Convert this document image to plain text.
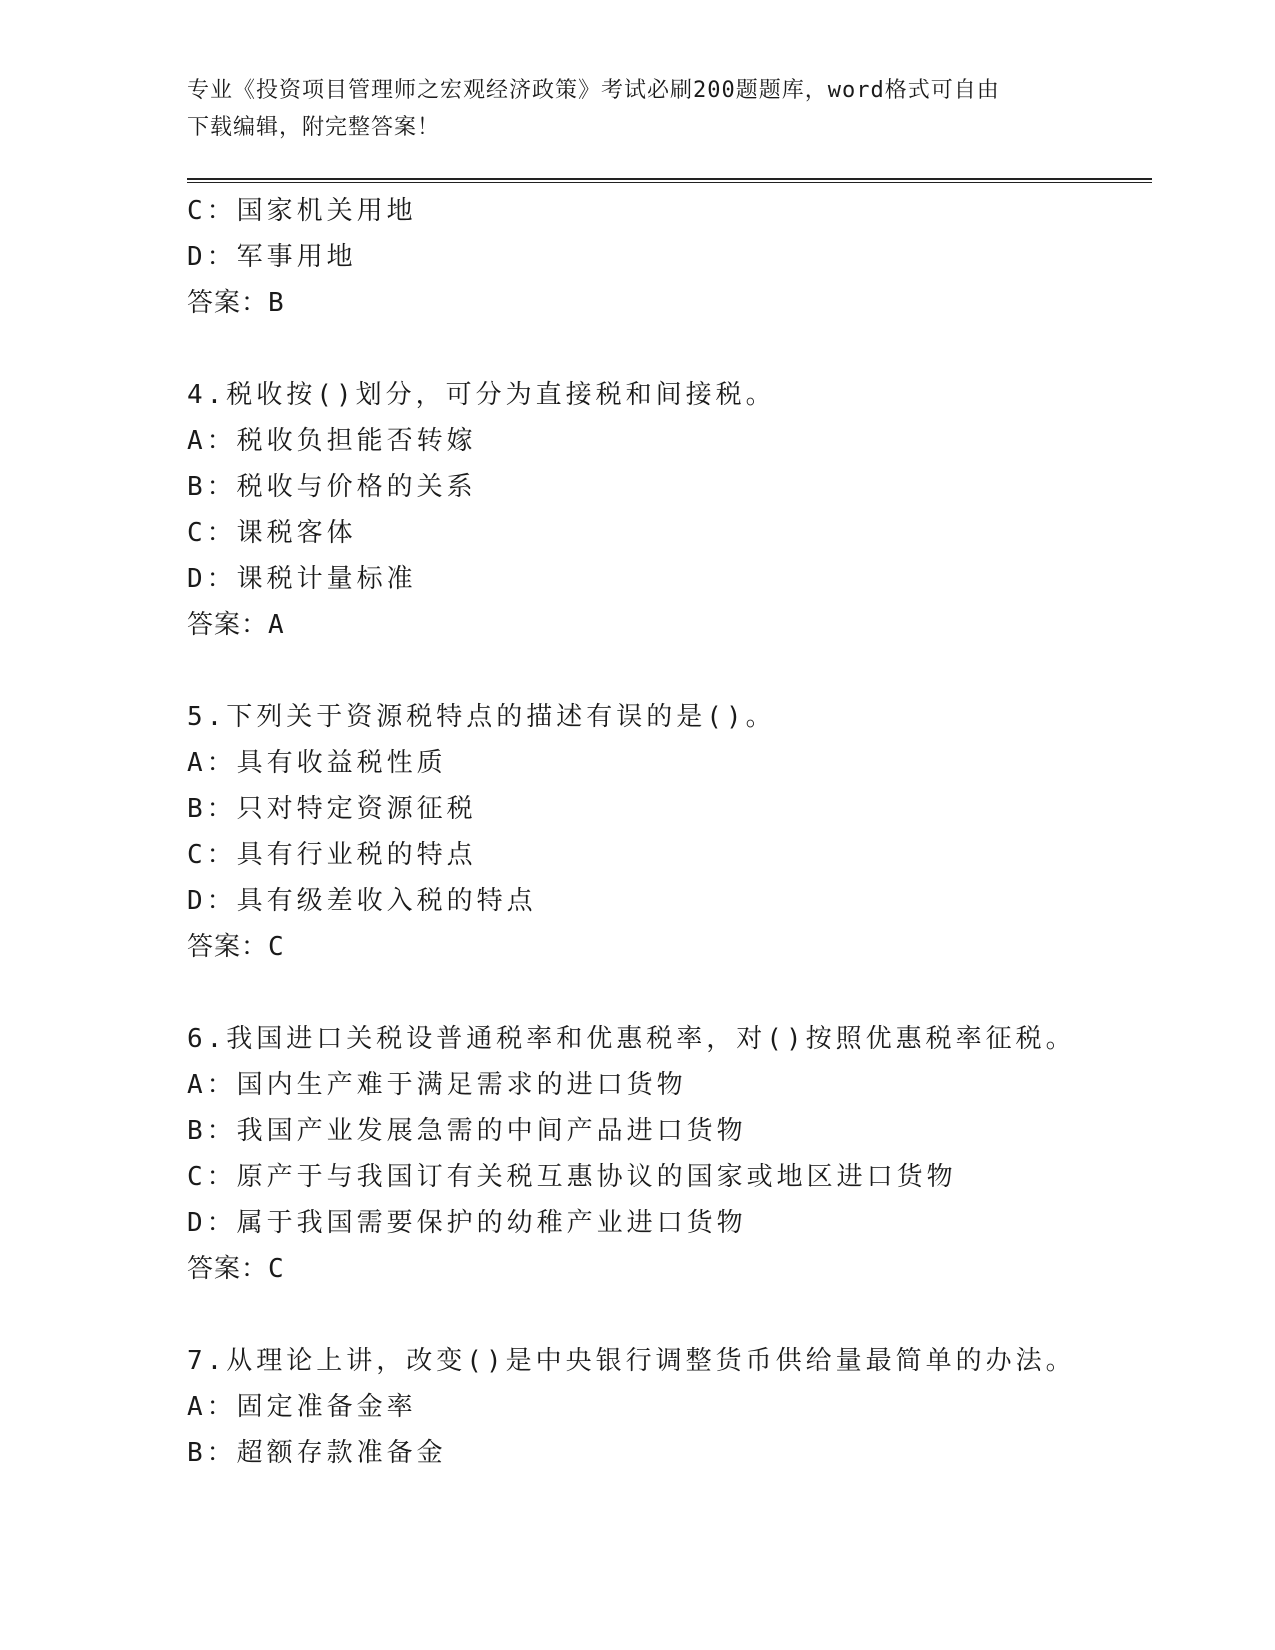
专业《投资项目管理师之宏观经济政策》考试必刷200题题库，word格式可自由
下载编辑，附完整答案！
C：国家机关用地
D：军事用地
答案：B
4.税收按()划分，可分为直接税和间接税。
A：税收负担能否转嫁
B：税收与价格的关系
C：课税客体
D：课税计量标准
答案：A
5.下列关于资源税特点的描述有误的是()。
A：具有收益税性质
B：只对特定资源征税
C：具有行业税的特点
D：具有级差收入税的特点
答案：C
6.我国进口关税设普通税率和优惠税率，对()按照优惠税率征税。
A：国内生产难于满足需求的进口货物
B：我国产业发展急需的中间产品进口货物
C：原产于与我国订有关税互惠协议的国家或地区进口货物
D：属于我国需要保护的幼稚产业进口货物
答案：C
7.从理论上讲，改变()是中央银行调整货币供给量最简单的办法。
A：固定准备金率
B：超额存款准备金
